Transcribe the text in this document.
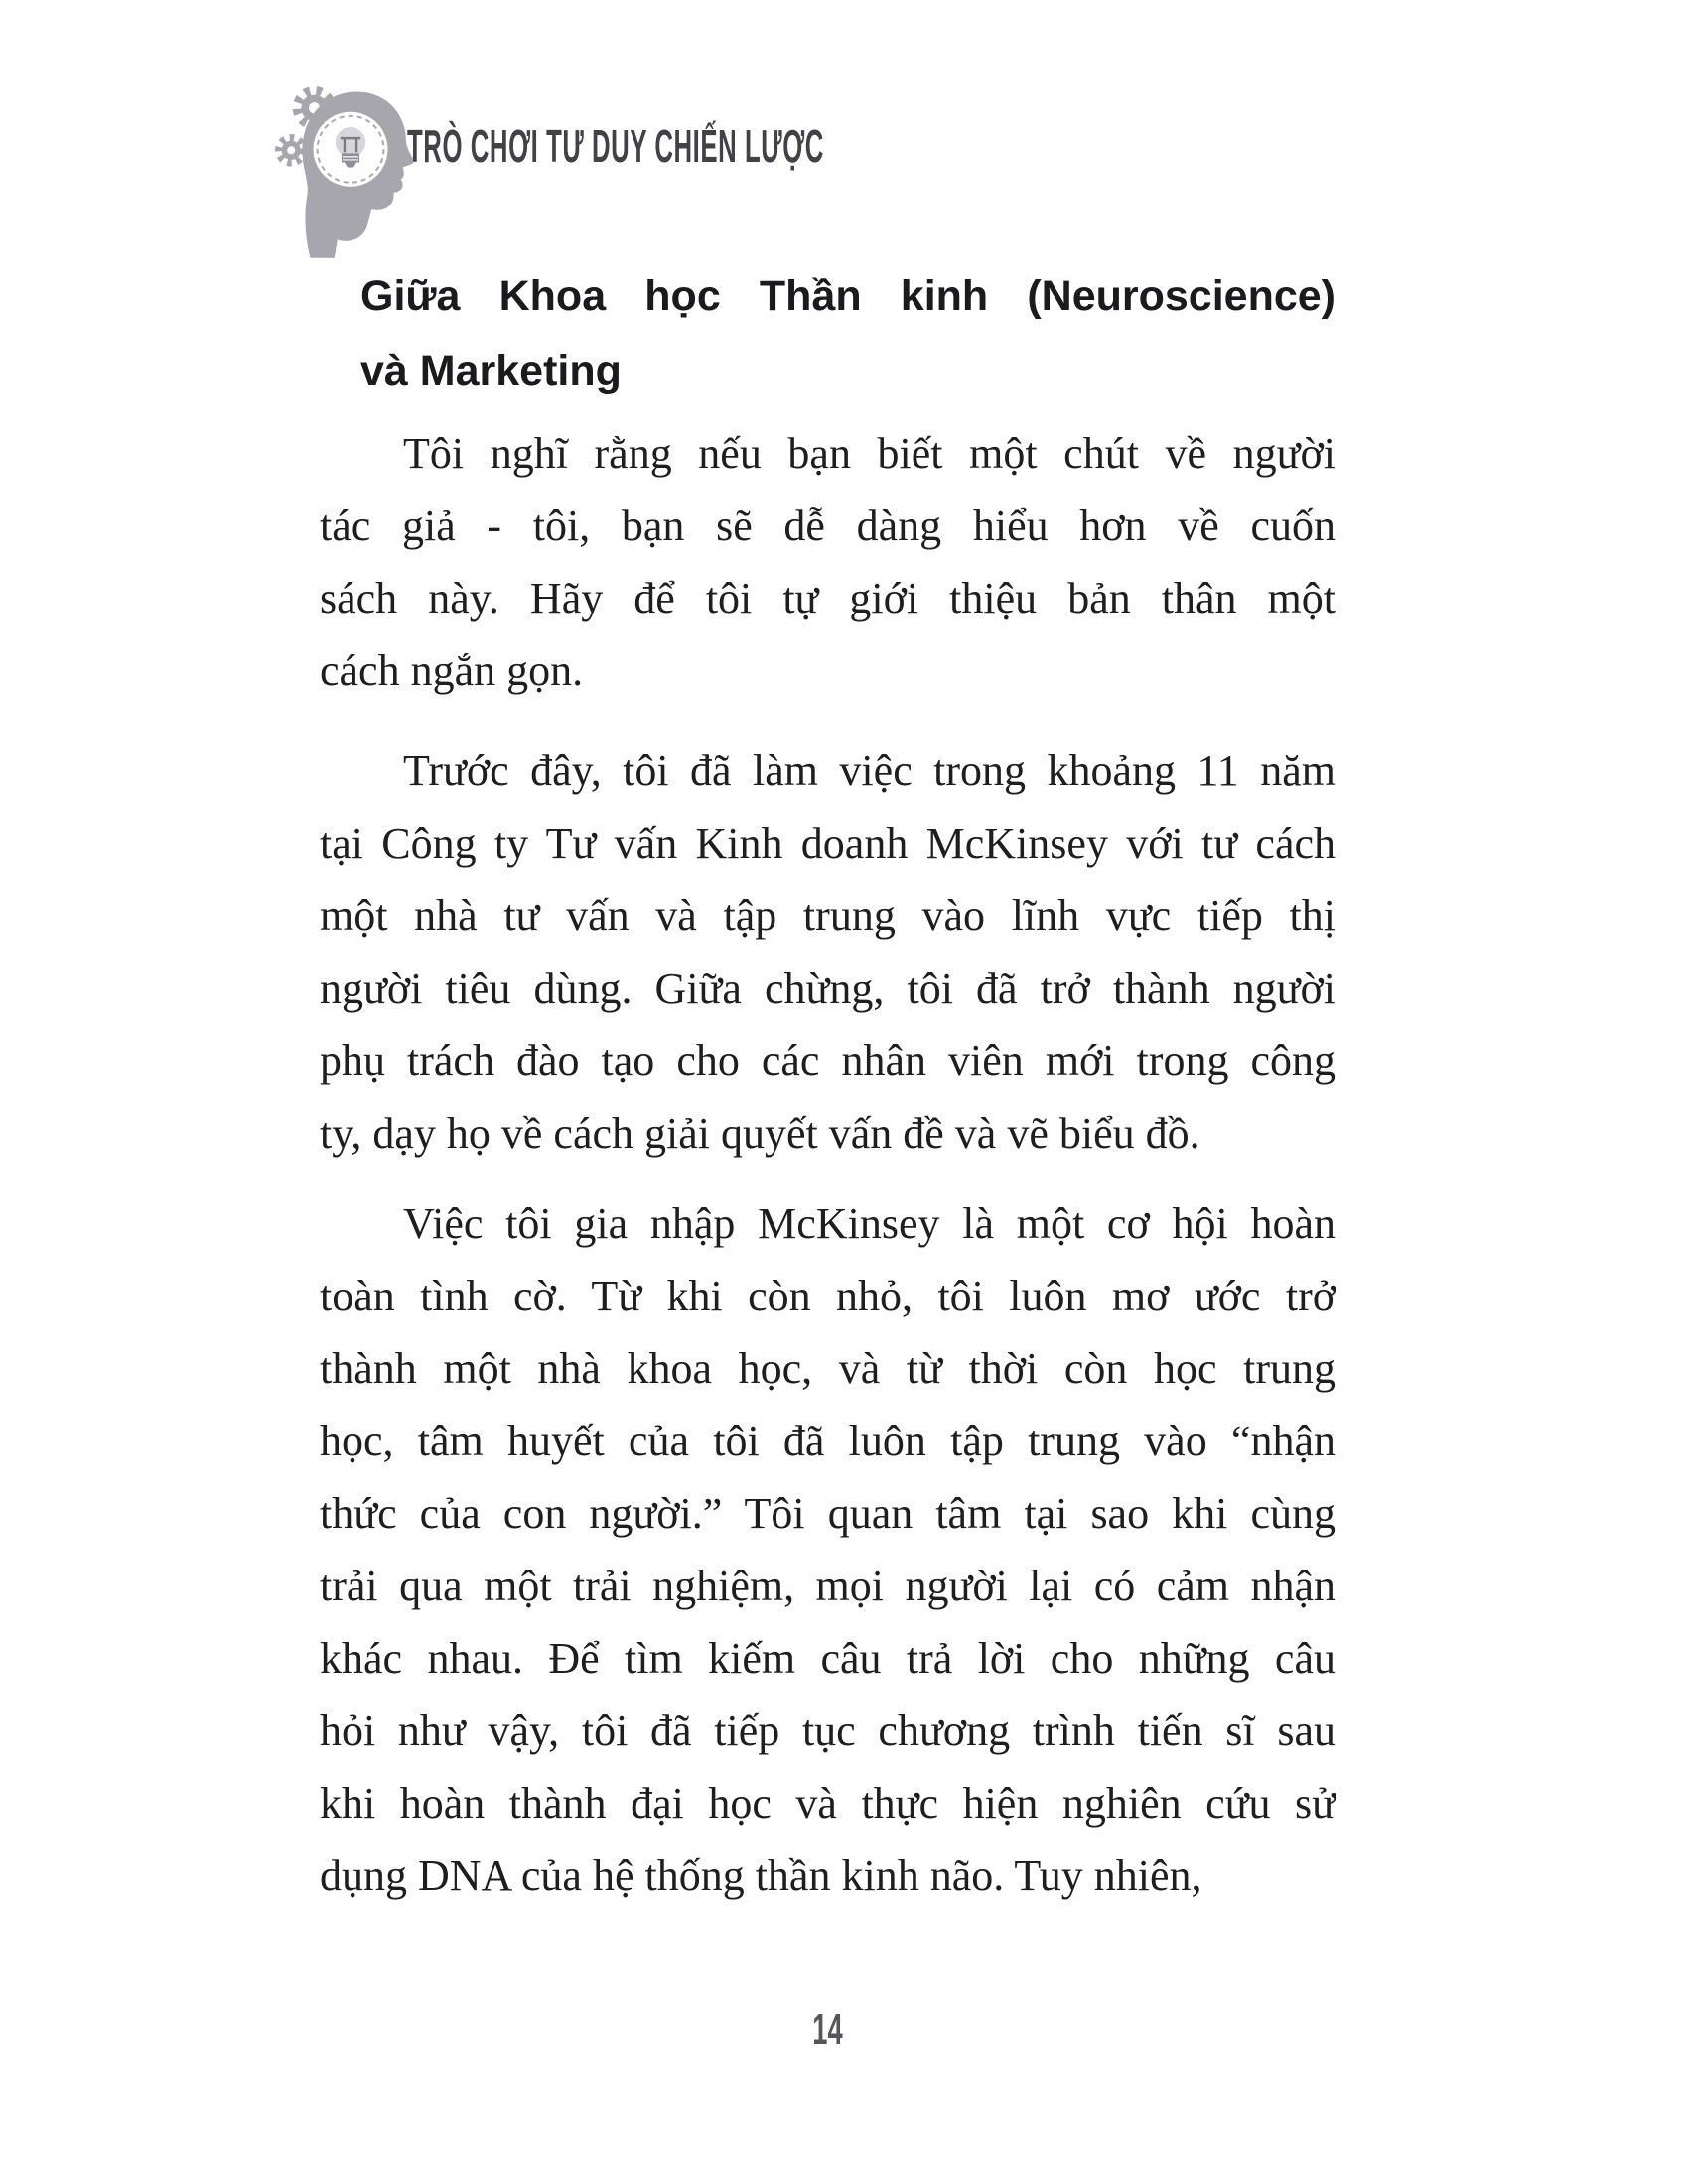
TRÒ CHƠI TƯ DUY CHIẾN LƯỢC
Giữa Khoa học Thần kinh (Neuroscience)
và Marketing
Tôi nghĩ rằng nếu bạn biết một chút về người
tác giả - tôi, bạn sẽ dễ dàng hiểu hơn về cuốn
sách này. Hãy để tôi tự giới thiệu bản thân một
cách ngắn gọn.
Trước đây, tôi đã làm việc trong khoảng 11 năm
tại Công ty Tư vấn Kinh doanh McKinsey với tư cách
một nhà tư vấn và tập trung vào lĩnh vực tiếp thị
người tiêu dùng. Giữa chừng, tôi đã trở thành người
phụ trách đào tạo cho các nhân viên mới trong công
ty, dạy họ về cách giải quyết vấn đề và vẽ biểu đồ.
Việc tôi gia nhập McKinsey là một cơ hội hoàn
toàn tình cờ. Từ khi còn nhỏ, tôi luôn mơ ước trở
thành một nhà khoa học, và từ thời còn học trung
học, tâm huyết của tôi đã luôn tập trung vào “nhận
thức của con người.” Tôi quan tâm tại sao khi cùng
trải qua một trải nghiệm, mọi người lại có cảm nhận
khác nhau. Để tìm kiếm câu trả lời cho những câu
hỏi như vậy, tôi đã tiếp tục chương trình tiến sĩ sau
khi hoàn thành đại học và thực hiện nghiên cứu sử
dụng DNA của hệ thống thần kinh não. Tuy nhiên,
14
